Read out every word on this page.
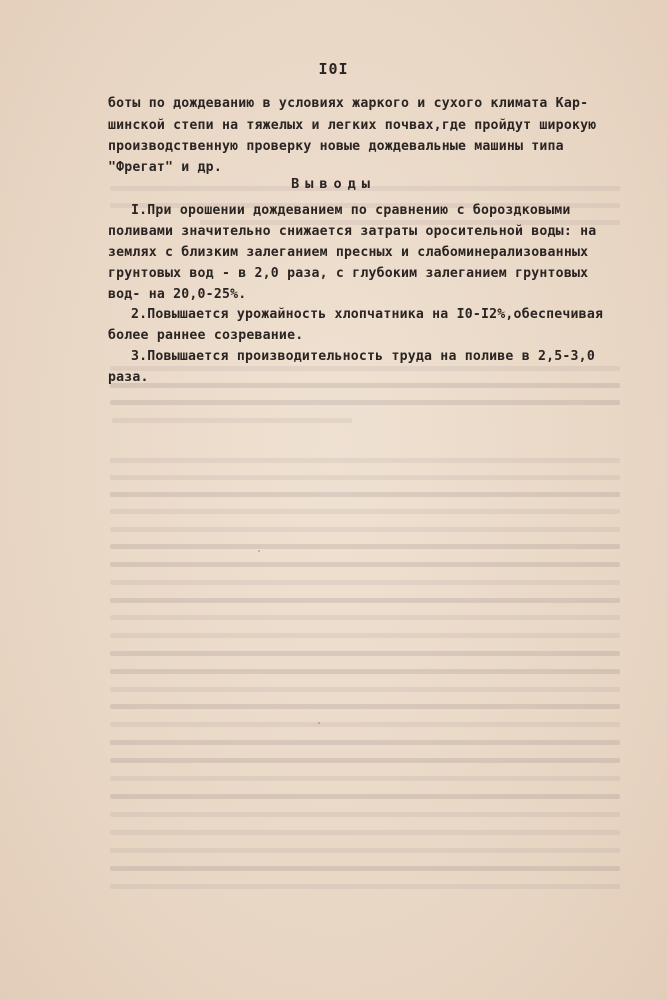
I0I
боты по дождеванию в условиях жаркого и сухого климата Кар-
шинской степи на тяжелых и легких почвах,где пройдут широкую
производственную проверку новые дождевальные машины типа
"Фрегат" и др.
Выводы
I.При орошении дождеванием по сравнению с бороздковыми
поливами значительно снижается затраты оросительной воды: на
землях с близким залеганием пресных и слабоминерализованных
грунтовых вод - в 2,0 раза, с глубоким залеганием грунтовых
вод- на 20,0-25%.
2.Повышается урожайность хлопчатника на I0-I2%,обеспечивая
более раннее созревание.
3.Повышается производительность труда на поливе в 2,5-3,0
раза.
